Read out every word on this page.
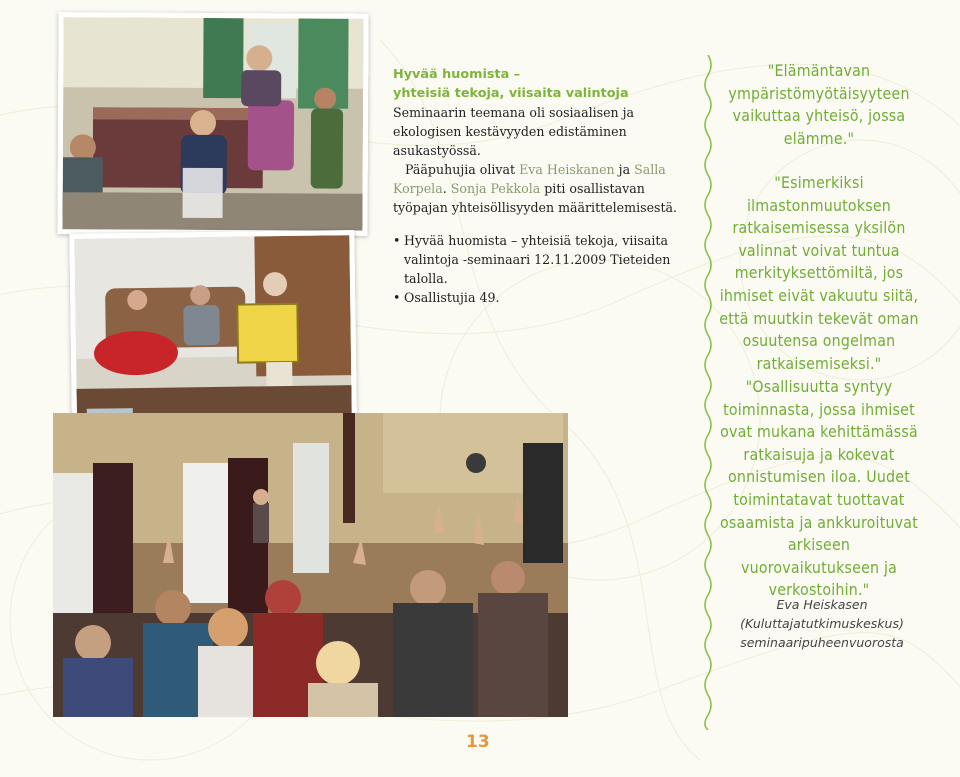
Hyvää huomista –
yhteisiä tekoja, viisaita valintoja

Seminaarin teemana oli sosiaalisen ja ekologisen kestävyyden edistäminen asukastyössä.

Pääpuhujia olivat Eva Heiskanen ja Salla Korpela. Sonja Pekkola piti osallistavan työpajan yhteisöllisyyden määrittelemisestä.

• Hyvää huomista – yhteisiä tekoja, viisaita valintoja -seminaari 12.11.2009 Tieteiden talolla.
• Osallistujia 49.
"Elämäntavan ympäristömyötäisyyteen vaikuttaa yhteisö, jossa elämme."
"Esimerkiksi ilmastonmuutoksen ratkaisemisessa yksilön valinnat voivat tuntua merkityksettömiltä, jos ihmiset eivät vakuutu siitä, että muutkin tekevät oman osuutensa ongelman ratkaisemiseksi."
"Osallisuutta syntyy toiminnasta, jossa ihmiset ovat mukana kehittämässä ratkaisuja ja kokevat onnistumisen iloa. Uudet toimintatavat tuottavat osaamista ja ankkuroituvat arkiseen vuorovaikutukseen ja verkostoihin."
Eva Heiskasen
(Kuluttajatutkimuskeskus)
seminaaripuheenvuorosta
13
